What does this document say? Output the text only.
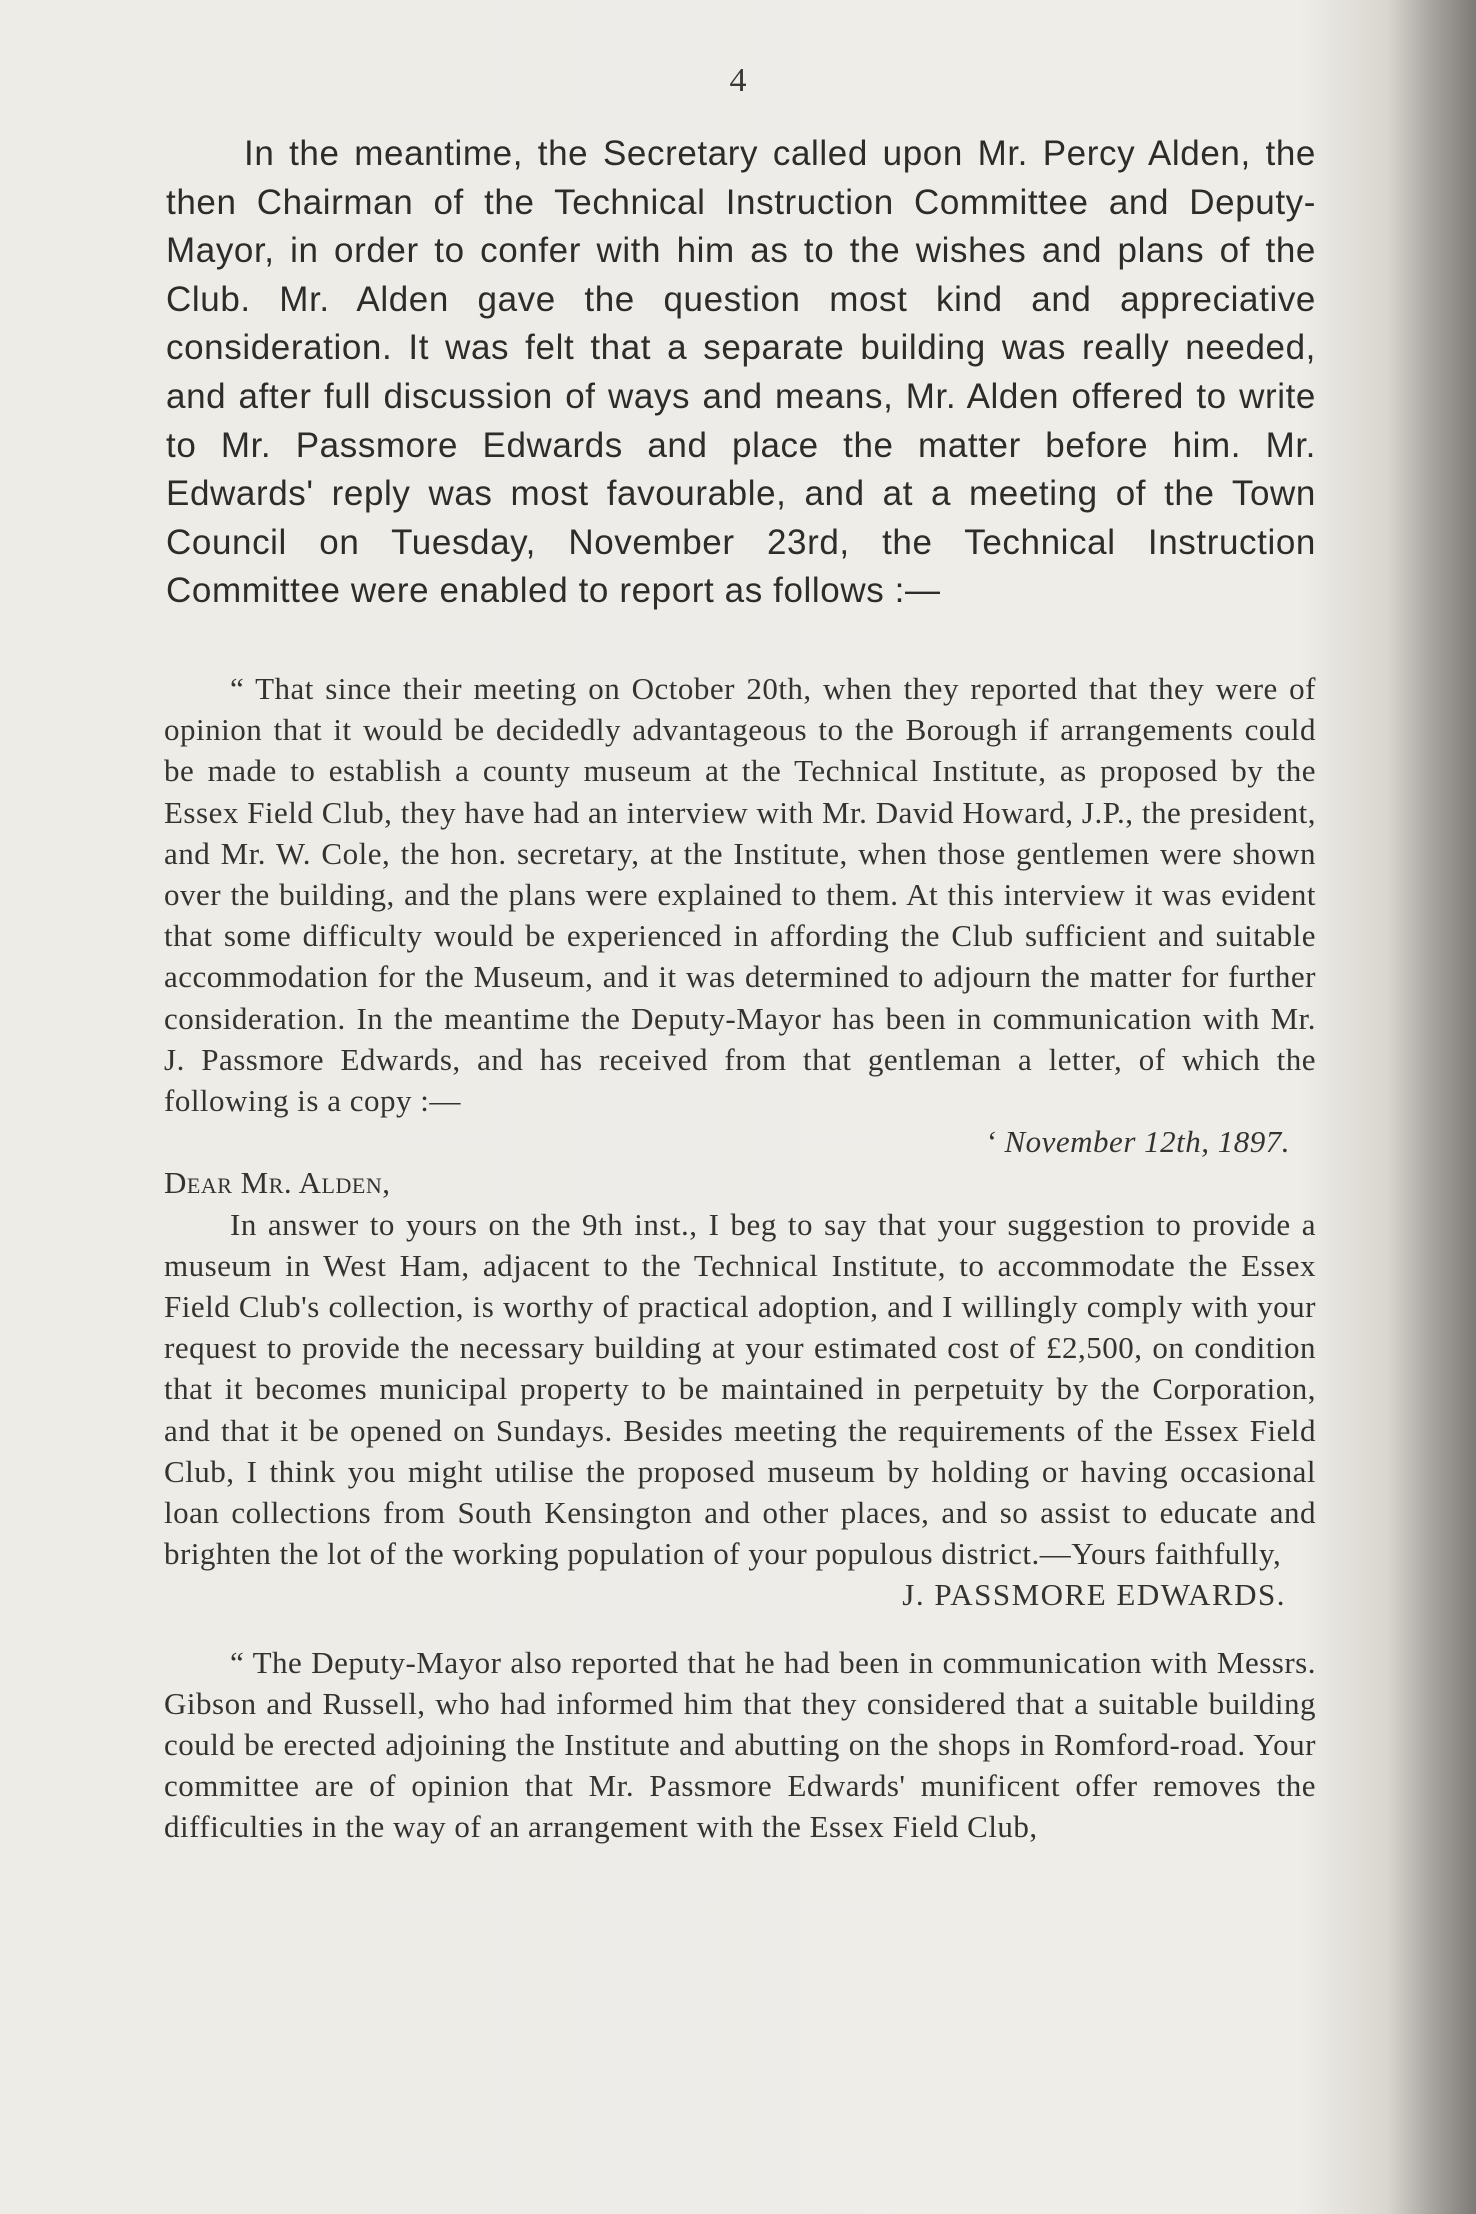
4

In the meantime, the Secretary called upon Mr. Percy Alden, the then Chairman of the Technical Instruction Committee and Deputy-Mayor, in order to confer with him as to the wishes and plans of the Club. Mr. Alden gave the question most kind and appreciative consideration. It was felt that a separate building was really needed, and after full discussion of ways and means, Mr. Alden offered to write to Mr. Passmore Edwards and place the matter before him. Mr. Edwards' reply was most favourable, and at a meeting of the Town Council on Tuesday, November 23rd, the Technical Instruction Committee were enabled to report as follows :—

“ That since their meeting on October 20th, when they reported that they were of opinion that it would be decidedly advantageous to the Borough if arrangements could be made to establish a county museum at the Technical Institute, as proposed by the Essex Field Club, they have had an interview with Mr. David Howard, J.P., the president, and Mr. W. Cole, the hon. secretary, at the Institute, when those gentlemen were shown over the building, and the plans were explained to them. At this interview it was evident that some difficulty would be experienced in affording the Club sufficient and suitable accommodation for the Museum, and it was determined to adjourn the matter for further consideration. In the meantime the Deputy-Mayor has been in communication with Mr. J. Passmore Edwards, and has received from that gentleman a letter, of which the following is a copy :—

‘ November 12th, 1897.

Dear Mr. Alden,

In answer to yours on the 9th inst., I beg to say that your suggestion to provide a museum in West Ham, adjacent to the Technical Institute, to accommodate the Essex Field Club's collection, is worthy of practical adoption, and I willingly comply with your request to provide the necessary building at your estimated cost of £2,500, on condition that it becomes municipal property to be maintained in perpetuity by the Corporation, and that it be opened on Sundays. Besides meeting the requirements of the Essex Field Club, I think you might utilise the proposed museum by holding or having occasional loan collections from South Kensington and other places, and so assist to educate and brighten the lot of the working population of your populous district.—Yours faithfully,

J. PASSMORE EDWARDS.

“ The Deputy-Mayor also reported that he had been in communication with Messrs. Gibson and Russell, who had informed him that they considered that a suitable building could be erected adjoining the Institute and abutting on the shops in Romford-road. Your committee are of opinion that Mr. Passmore Edwards' munificent offer removes the difficulties in the way of an arrangement with the Essex Field Club,
